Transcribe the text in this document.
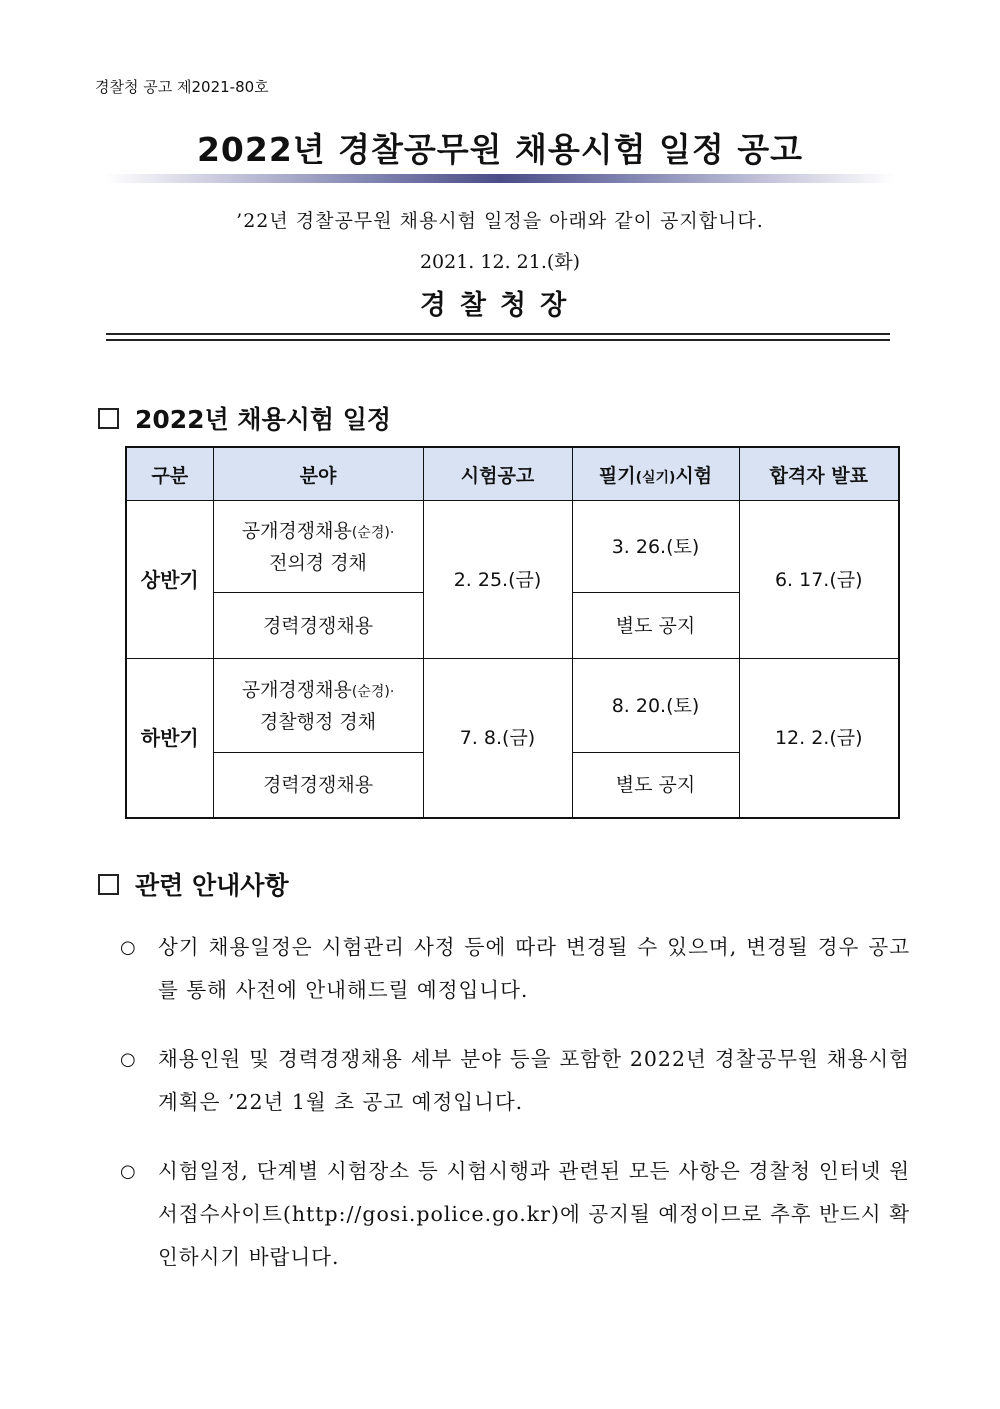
경찰청 공고 제2021-80호
2022년 경찰공무원 채용시험 일정 공고
’22년 경찰공무원 채용시험 일정을 아래와 같이 공지합니다.
2021. 12. 21.(화)
경찰청장
2022년 채용시험 일정
구분	분야	시험공고	필기(실기)시험	합격자 발표
상반기	공개경쟁채용(순경)·
전의경 경채	2. 25.(금)	3. 26.(토)	6. 17.(금)
	경력경쟁채용		별도 공지	
하반기	공개경쟁채용(순경)·
경찰행정 경채	7. 8.(금)	8. 20.(토)	12. 2.(금)
	경력경쟁채용		별도 공지	
관련 안내사항
○	상기 채용일정은 시험관리 사정 등에 따라 변경될 수 있으며, 변경될 경우 공고를 통해 사전에 안내해드릴 예정입니다.
○	채용인원 및 경력경쟁채용 세부 분야 등을 포함한 2022년 경찰공무원 채용시험 계획은 ’22년 1월 초 공고 예정입니다.
○	시험일정, 단계별 시험장소 등 시험시행과 관련된 모든 사항은 경찰청 인터넷 원서접수사이트(http://gosi.police.go.kr)에 공지될 예정이므로 추후 반드시 확인하시기 바랍니다.
